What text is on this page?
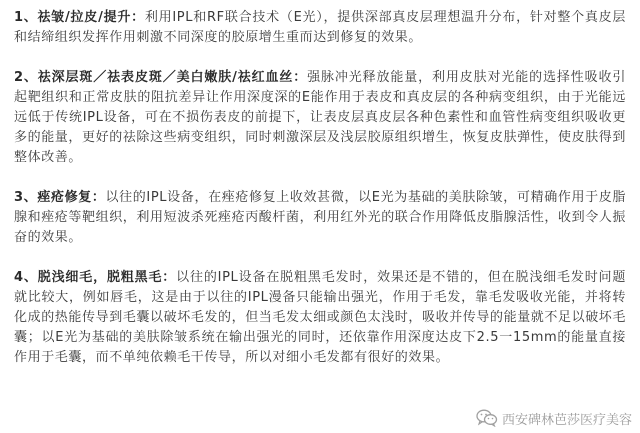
1、祛皱/拉皮/提升：利用IPL和RF联合技术（E光），提供深部真皮层理想温升分布，针对整个真皮层和结缔组织发挥作用刺激不同深度的胶原增生重而达到修复的效果。

2、祛深层斑／祛表皮斑／美白嫩肤/祛红血丝：强脉冲光释放能量，利用皮肤对光能的选择性吸收引起靶组织和正常皮肤的阻抗差异让作用深度深的E能作用于表皮和真皮层的各种病变组织，由于光能远远低于传统IPL设备，可在不损伤表皮的前提下，让表皮层真皮层各种色素性和血管性病变组织吸收更多的能量，更好的祛除这些病变组织，同时刺激深层及浅层胶原组织增生，恢复皮肤弹性，使皮肤得到整体改善。

3、痤疮修复：以往的IPL设备，在痤疮修复上收效甚微，以E光为基础的美肤除皱，可精确作用于皮脂腺和痤疮等靶组织，利用短波杀死痤疮丙酸杆菌，利用红外光的联合作用降低皮脂腺活性，收到令人振奋的效果。

4、脱浅细毛，脱粗黑毛：以往的IPL设备在脱粗黑毛发时，效果还是不错的，但在脱浅细毛发时问题就比较大，例如唇毛，这是由于以往的IPL漫备只能输出强光，作用于毛发，靠毛发吸收光能，并将转化成的热能传导到毛囊以破坏毛发的，但当毛发太细或颜色太浅时，吸收并传导的能量就不足以破坏毛囊；以E光为基础的美肤除皱系统在输出强光的同时，还依靠作用深度达皮下2.5一15mm的能量直接作用于毛囊，而不单纯依赖毛干传导，所以对细小毛发都有很好的效果。

西安碑林芭莎医疗美容
